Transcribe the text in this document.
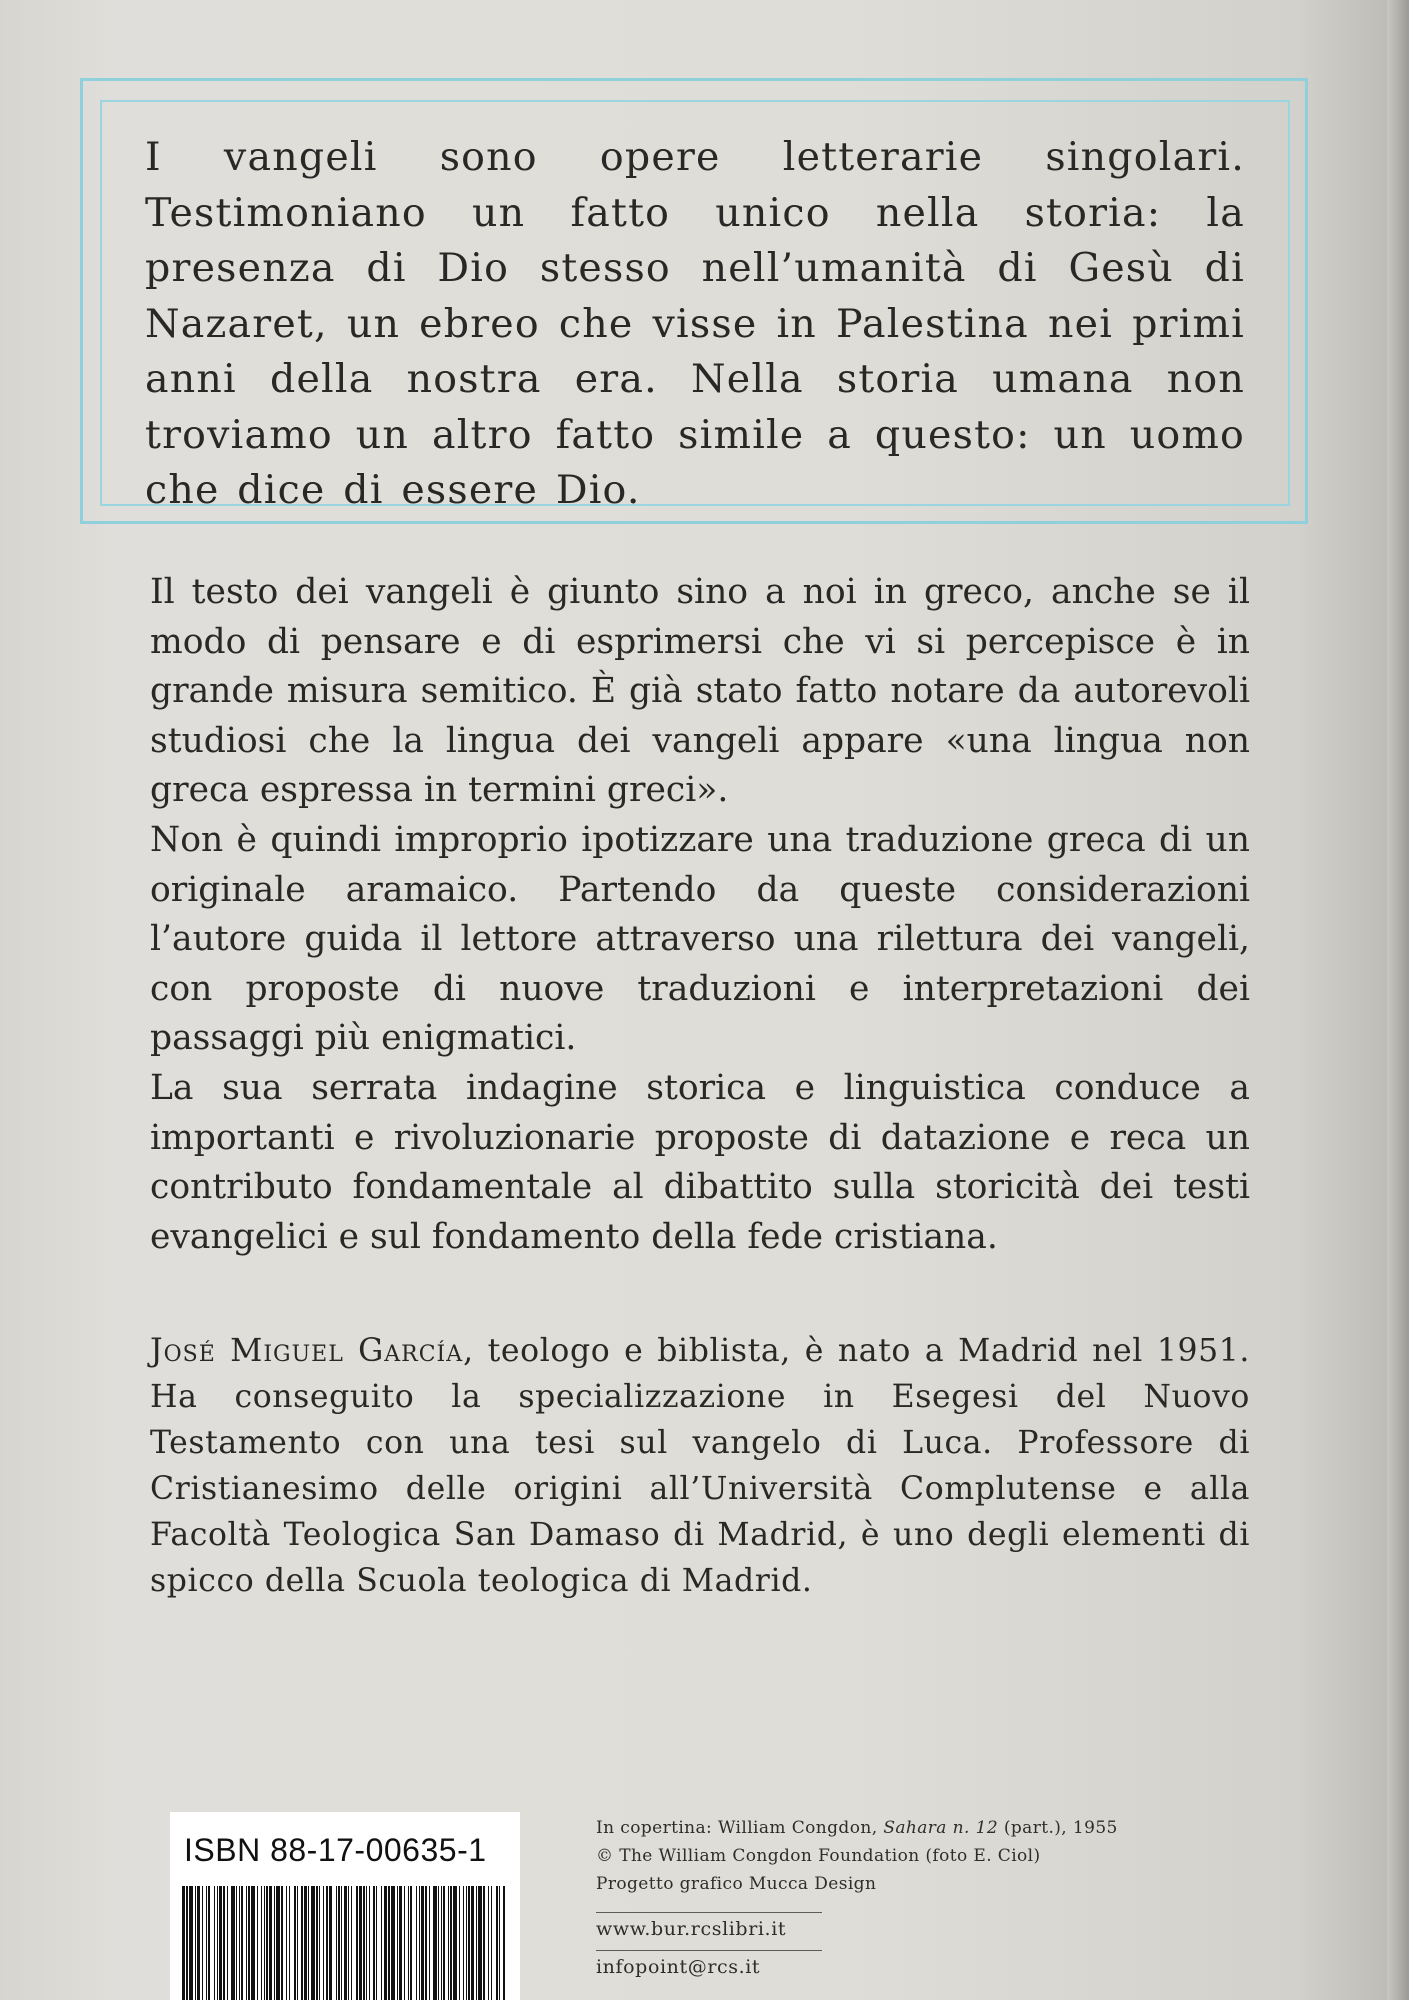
I vangeli sono opere letterarie singolari. Testimoniano un fatto unico nella storia: la presenza di Dio stesso nell’umanità di Gesù di Nazaret, un ebreo che visse in Palestina nei primi anni della nostra era. Nella storia umana non troviamo un altro fatto simile a questo: un uomo che dice di essere Dio.

Il testo dei vangeli è giunto sino a noi in greco, anche se il modo di pensare e di esprimersi che vi si percepisce è in grande misura semitico. È già stato fatto notare da autorevoli studiosi che la lingua dei vangeli appare «una lingua non greca espressa in termini greci».

Non è quindi improprio ipotizzare una traduzione greca di un originale aramaico. Partendo da queste considerazioni l’autore guida il lettore attraverso una rilettura dei vangeli, con proposte di nuove traduzioni e interpretazioni dei passaggi più enigmatici.

La sua serrata indagine storica e linguistica conduce a importanti e rivoluzionarie proposte di datazione e reca un contributo fondamentale al dibattito sulla storicità dei testi evangelici e sul fondamento della fede cristiana.

José Miguel García, teologo e biblista, è nato a Madrid nel 1951. Ha conseguito la specializzazione in Esegesi del Nuovo Testamento con una tesi sul vangelo di Luca. Professore di Cristianesimo delle origini all’Università Complutense e alla Facoltà Teologica San Damaso di Madrid, è uno degli elementi di spicco della Scuola teologica di Madrid.

ISBN 88-17-00635-1
In copertina: William Congdon, Sahara n. 12 (part.), 1955
© The William Congdon Foundation (foto E. Ciol)
Progetto grafico Mucca Design
www.bur.rcslibri.it
infopoint@rcs.it
